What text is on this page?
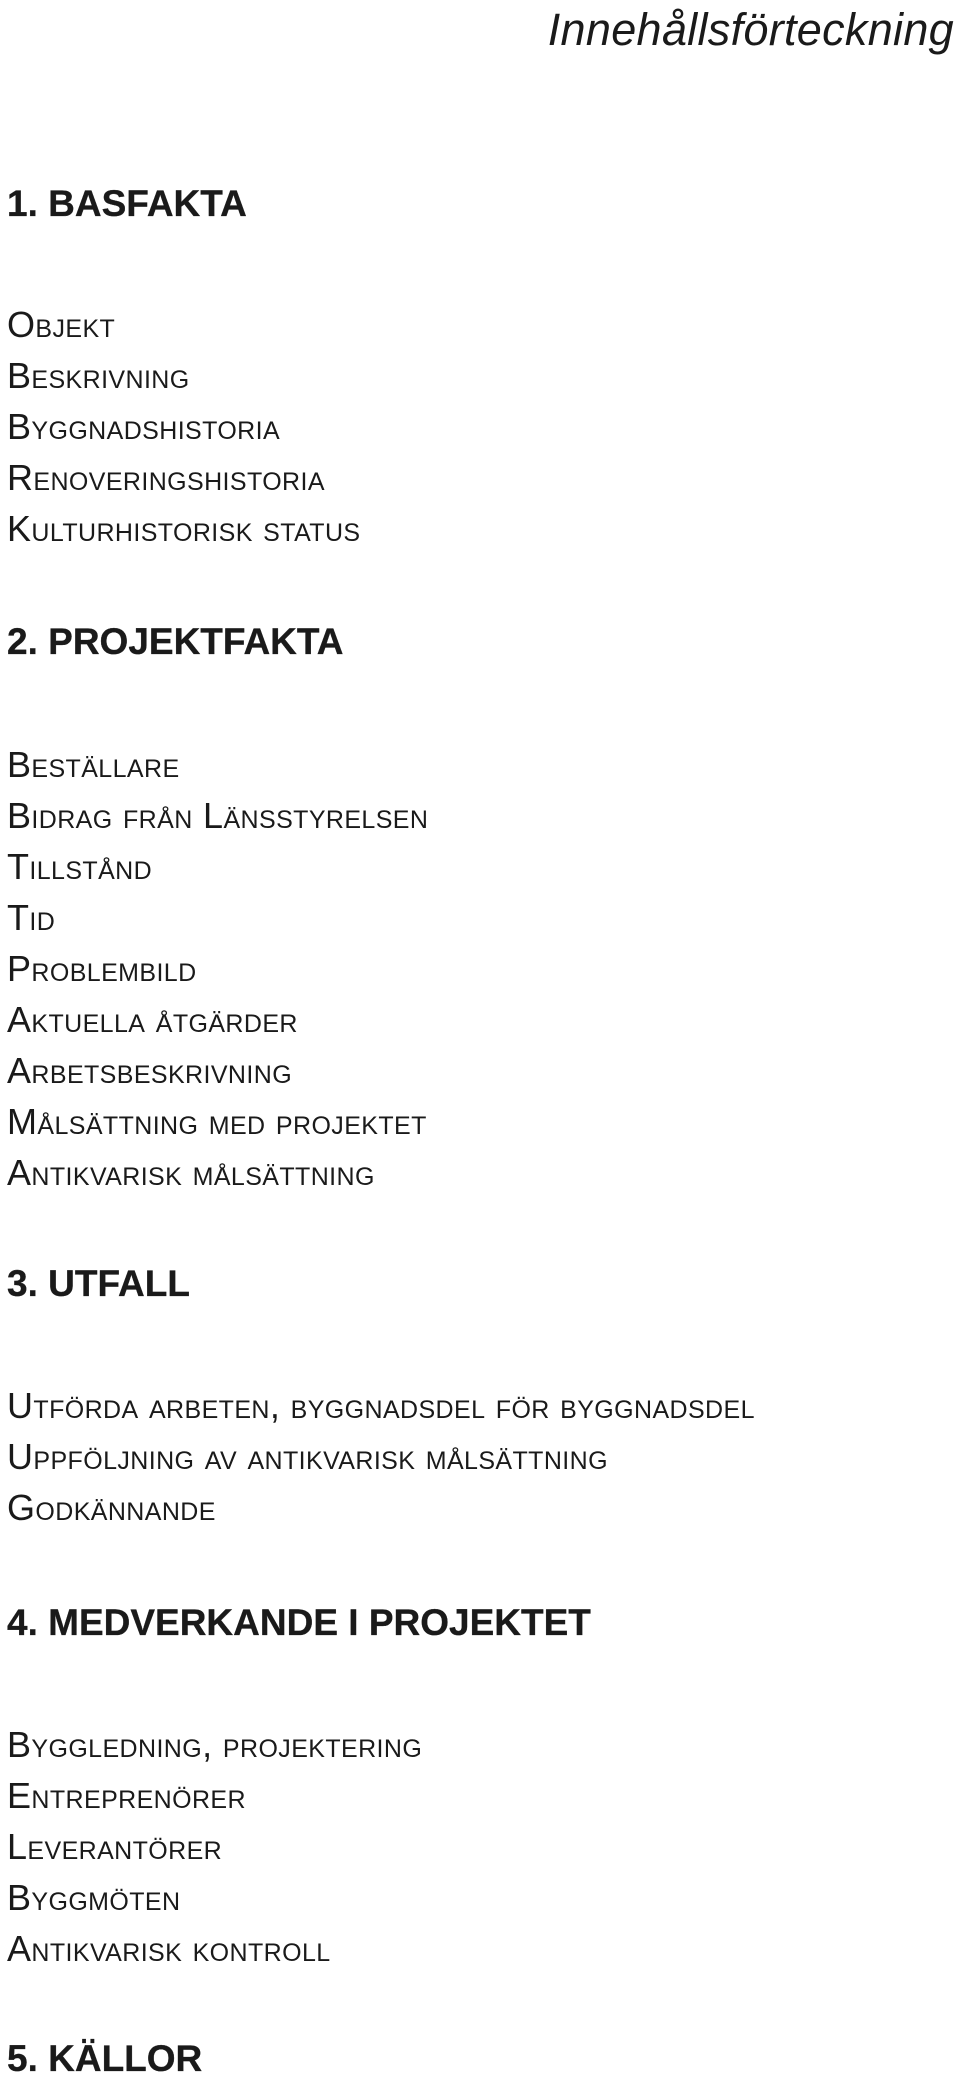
Innehållsförteckning
1. BASFAKTA
Objekt
Beskrivning
Byggnadshistoria
Renoveringshistoria
Kulturhistorisk status
2. PROJEKTFAKTA
Beställare
Bidrag från Länsstyrelsen
Tillstånd
Tid
Problembild
Aktuella åtgärder
Arbetsbeskrivning
Målsättning med projektet
Antikvarisk målsättning
3. UTFALL
Utförda arbeten, byggnadsdel för byggnadsdel
Uppföljning av antikvarisk målsättning
Godkännande
4. MEDVERKANDE I PROJEKTET
Byggledning, projektering
Entreprenörer
Leverantörer
Byggmöten
Antikvarisk kontroll
5. KÄLLOR
